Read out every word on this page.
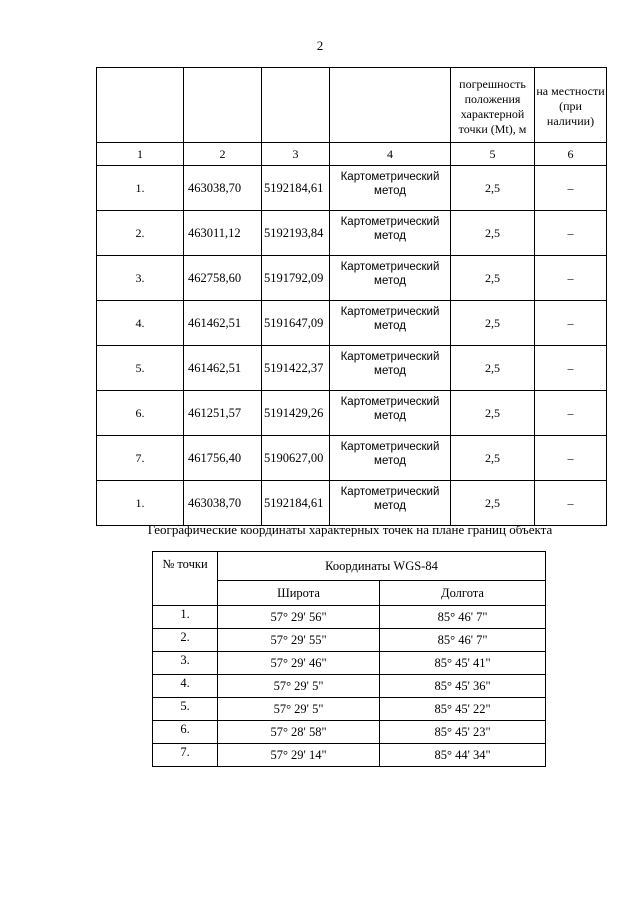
2
				погрешность положения характерной точки (Mt), м	на местности (при наличии)
1	2	3	4	5	6
1.	463038,70	5192184,61	Картометрический метод	2,5	–
2.	463011,12	5192193,84	Картометрический метод	2,5	–
3.	462758,60	5191792,09	Картометрический метод	2,5	–
4.	461462,51	5191647,09	Картометрический метод	2,5	–
5.	461462,51	5191422,37	Картометрический метод	2,5	–
6.	461251,57	5191429,26	Картометрический метод	2,5	–
7.	461756,40	5190627,00	Картометрический метод	2,5	–
1.	463038,70	5192184,61	Картометрический метод	2,5	–
Географические координаты характерных точек на плане границ объекта
№ точки	Координаты WGS-84	
	Широта	Долгота
1.	57° 29' 56"	85° 46' 7"
2.	57° 29' 55"	85° 46' 7"
3.	57° 29' 46"	85° 45' 41"
4.	57° 29' 5"	85° 45' 36"
5.	57° 29' 5"	85° 45' 22"
6.	57° 28' 58"	85° 45' 23"
7.	57° 29' 14"	85° 44' 34"
